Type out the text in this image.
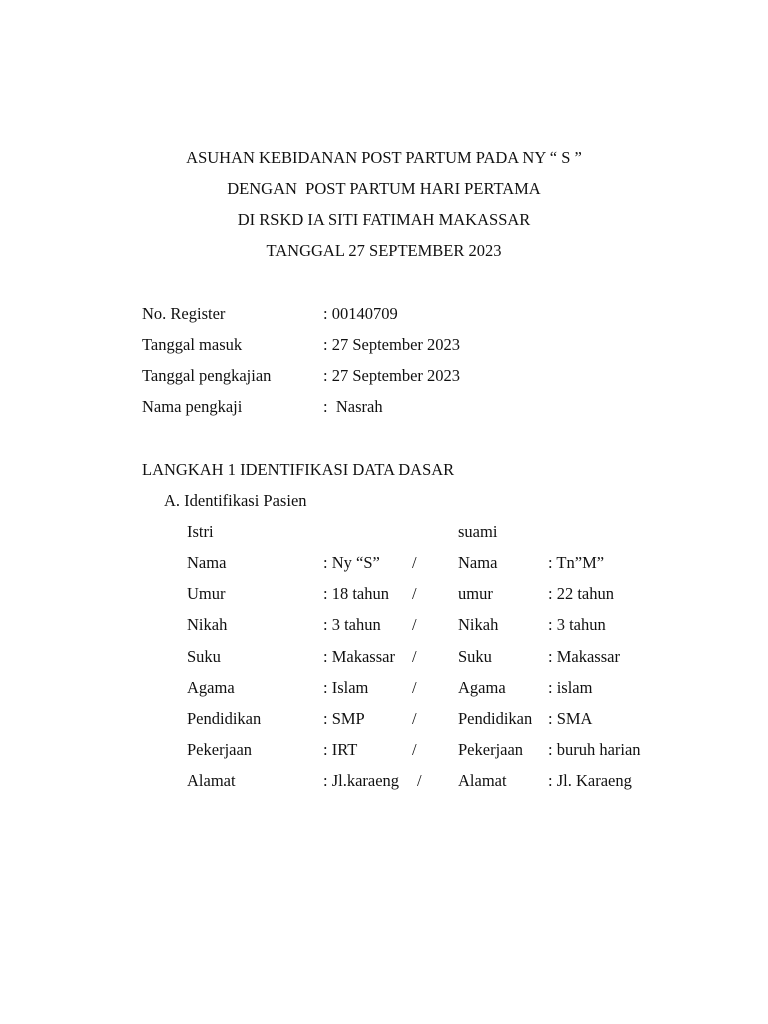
ASUHAN KEBIDANAN POST PARTUM PADA NY “ S ”
DENGAN  POST PARTUM HARI PERTAMA
DI RSKD IA SITI FATIMAH MAKASSAR
TANGGAL 27 SEPTEMBER 2023
No. Register	: 00140709
Tanggal masuk	: 27 September 2023
Tanggal pengkajian	: 27 September 2023
Nama pengkaji	:  Nasrah
LANGKAH 1 IDENTIFIKASI DATA DASAR
A. Identifikasi Pasien
Istri	suami
Nama	: Ny “S” /	Nama	: Tn”M”
Umur	: 18 tahun /	umur	: 22 tahun
Nikah	: 3 tahun /	Nikah	: 3 tahun
Suku	: Makassar /	Suku	: Makassar
Agama	: Islam	/	Agama	: islam
Pendidikan	: SMP	/	Pendidikan : SMA
Pekerjaan	: IRT	/	Pekerjaan : buruh harian
Alamat	: Jl.karaeng / Alamat	: Jl. Karaeng
